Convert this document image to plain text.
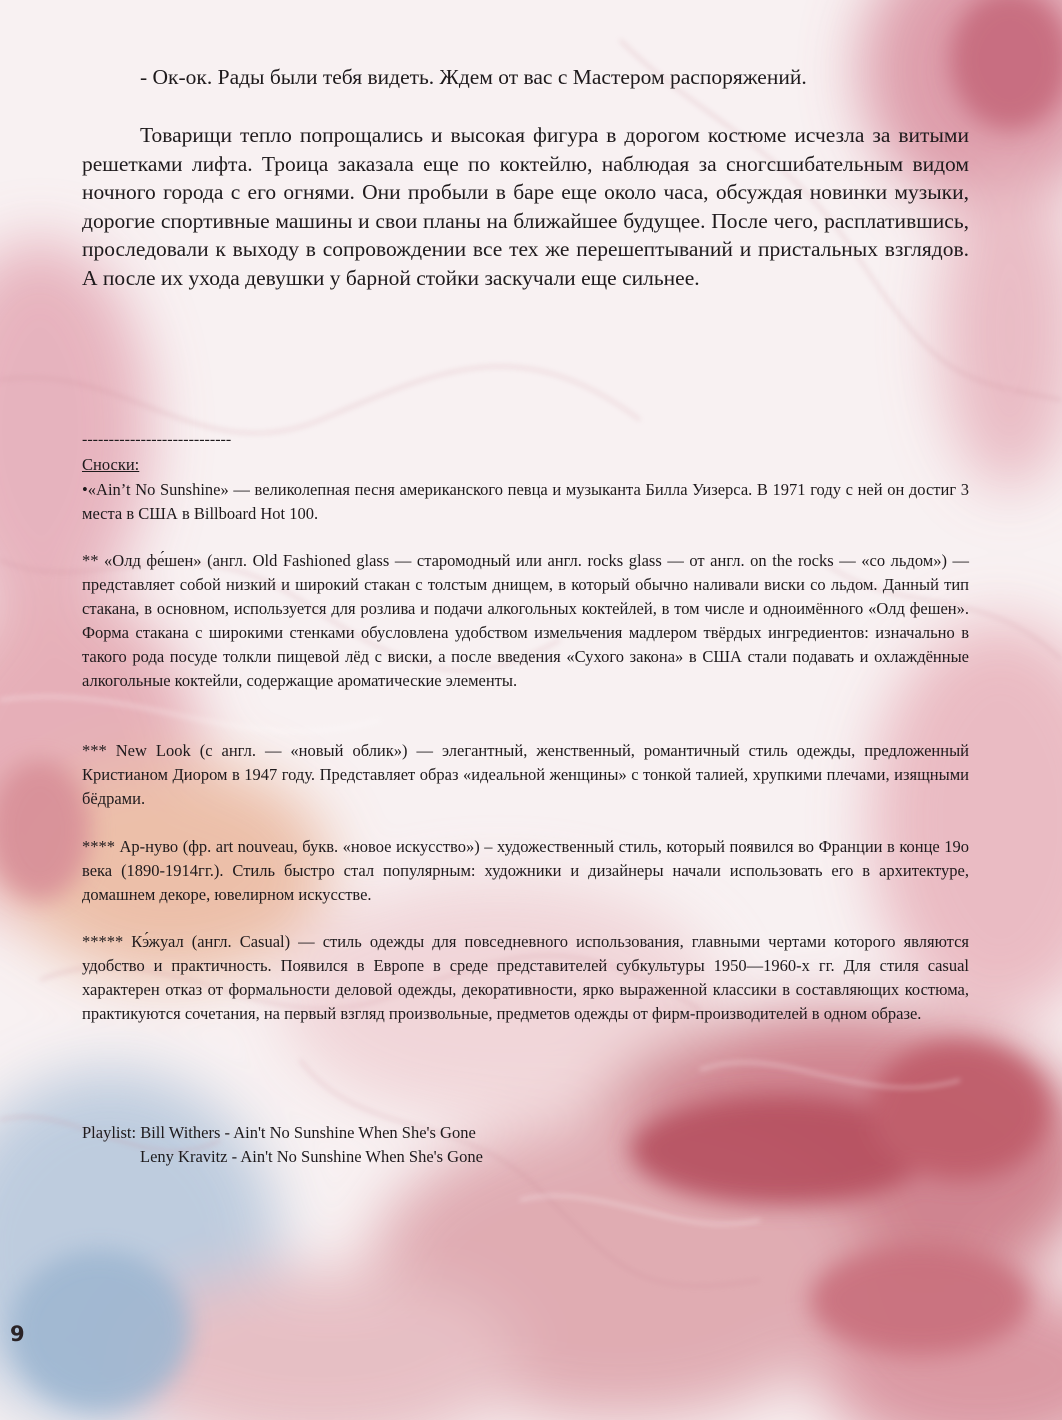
- Ок-ок. Рады были тебя видеть. Ждем от вас с Мастером распоряжений.

Товарищи тепло попрощались и высокая фигура в дорогом костюме исчезла за витыми решетками лифта. Троица заказала еще по коктейлю, наблюдая за сногсшибательным видом ночного города с его огнями. Они пробыли в баре еще около часа, обсуждая новинки музыки, дорогие спортивные машины и свои планы на ближайшее будущее. После чего, расплатившись, проследовали к выходу в сопровождении все тех же перешептываний и пристальных взглядов. А после их ухода девушки у барной стойки заскучали еще сильнее.

----------------------------

Сноски:

•«Ain’t No Sunshine» — великолепная песня американского певца и музыканта Билла Уизерса. В 1971 году с ней он достиг 3 места в США в Billboard Hot 100.

** «Олд фе́шен» (англ. Old Fashioned glass — старомодный или англ. rocks glass — от англ. on the rocks — «со льдом») — представляет собой низкий и широкий стакан с толстым днищем, в который обычно наливали виски со льдом. Данный тип стакана, в основном, используется для розлива и подачи алкогольных коктейлей, в том числе и одноимённого «Олд фешен». Форма стакана с широкими стенками обусловлена удобством измельчения мадлером твёрдых ингредиентов: изначально в такого рода посуде толкли пищевой лёд с виски, а после введения «Сухого закона» в США стали подавать и охлаждённые алкогольные коктейли, содержащие ароматические элементы.

*** New Look (с англ. — «новый облик») — элегантный, женственный, романтичный стиль одежды, предложенный Кристианом Диором в 1947 году. Представляет образ «идеальной женщины» с тонкой талией, хрупкими плечами, изящными бёдрами.

**** Ар-нуво (фр. art nouveau, букв. «новое искусство») – художественный стиль, который появился во Франции в конце 19о века (1890-1914гг.). Стиль быстро стал популярным: художники и дизайнеры начали использовать его в архитектуре, домашнем декоре, ювелирном искусстве.

***** Кэ́жуал (англ. Casual) — стиль одежды для повседневного использования, главными чертами которого являются удобство и практичность. Появился в Европе в среде представителей субкультуры 1950—1960-х гг. Для стиля casual характерен отказ от формальности деловой одежды, декоративности, ярко выраженной классики в составляющих костюма, практикуются сочетания, на первый взгляд произвольные, предметов одежды от фирм-производителей в одном образе.

Playlist: Bill Withers - Ain't No Sunshine When She's Gone
Leny Kravitz - Ain't No Sunshine When She's Gone

9
